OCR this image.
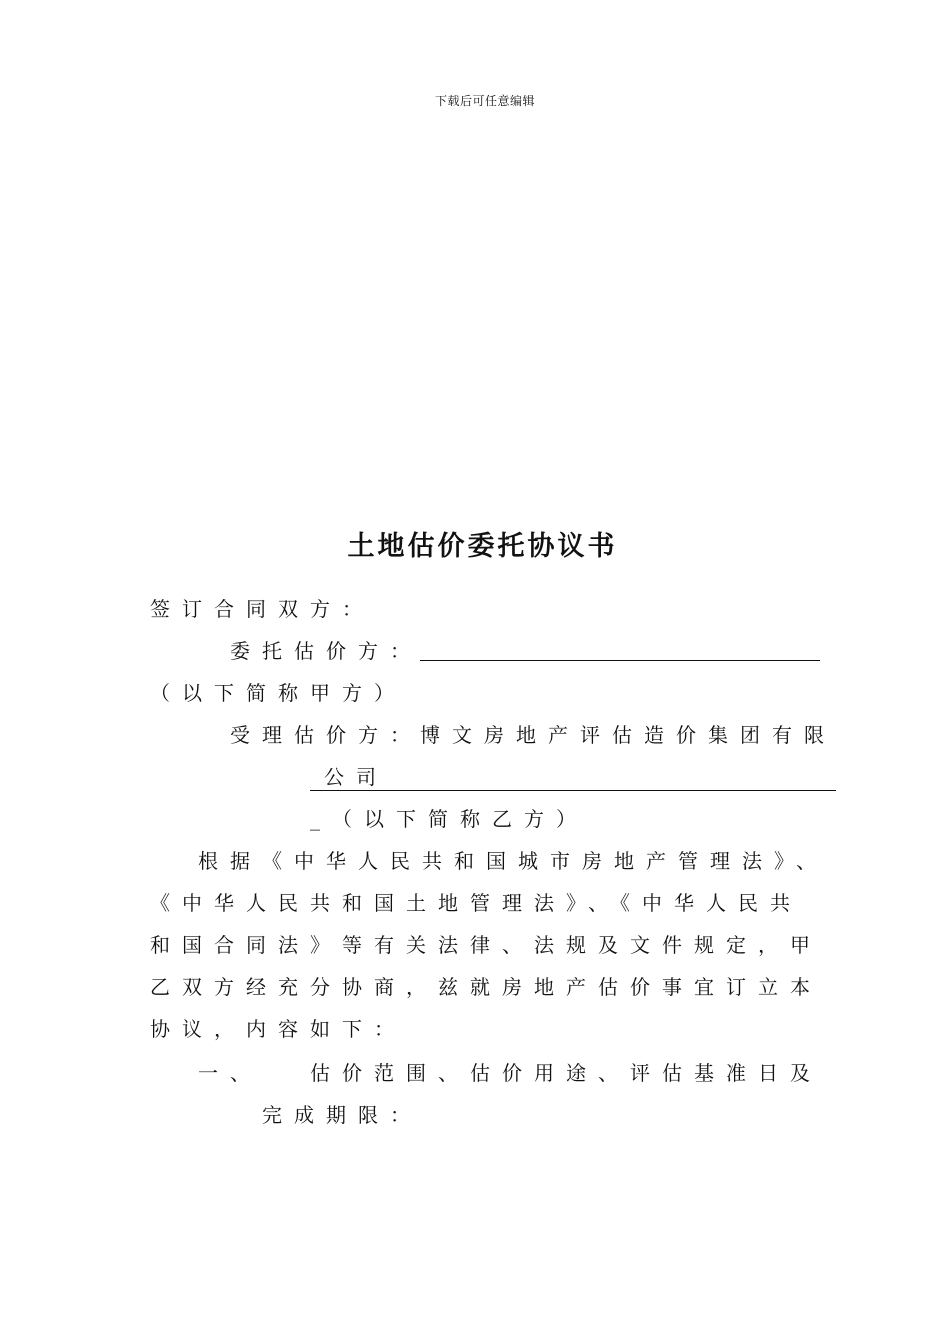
下载后可任意编辑
土地估价委托协议书
签订合同双方：
委托估价方：
（以下简称甲方）
受理估价方：
博文房地产评估造价集团有限
公司
_（以下简称乙方）
根据《中华人民共和国城市房地产管理法》、
《中华人民共和国土地管理法》、《中华人民共
和国合同法》等有关法律、法规及文件规定，甲
乙双方经充分协商，兹就房地产估价事宜订立本
协议，内容如下：
一、 估价范围、估价用途、评估基准日及
完成期限：
